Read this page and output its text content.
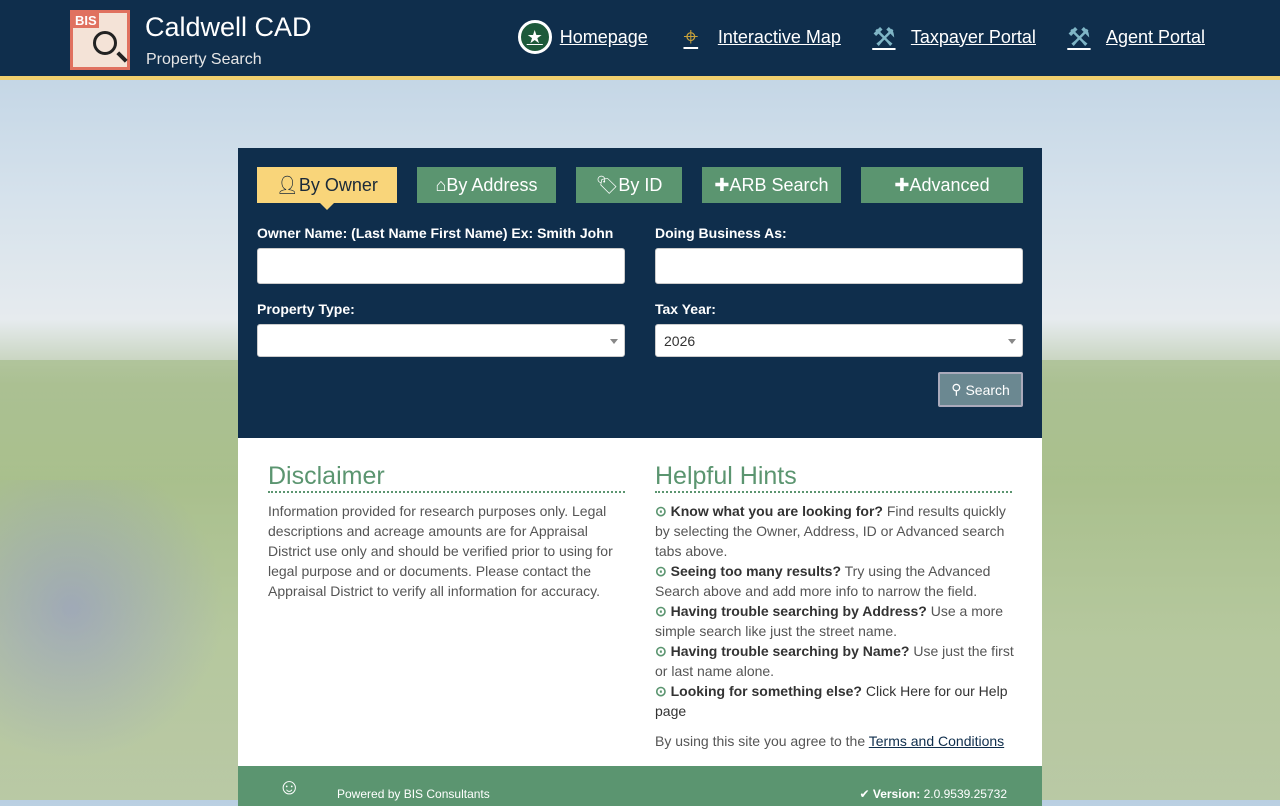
BIS Caldwell CAD
Property Search
★ Homepage	⌖	Interactive Map ⚒ Taxpayer Portal ⚒ Agent Portal
👤︎ By Owner	⌂ By Address	🏷︎ By ID	✚ ARB Search	✚ Advanced
Owner Name: (Last Name First Name) Ex: Smith John	Doing Business As:
Property Type:	Tax Year:
2026
⚲ Search
Disclaimer
Information provided for research purposes only. Legal descriptions and acreage amounts are for Appraisal District use only and should be verified prior to using for legal purpose and or documents. Please contact the Appraisal District to verify all information for accuracy.
Helpful Hints
⊙ Know what you are looking for? Find results quickly by selecting the Owner, Address, ID or Advanced search tabs above.
⊙ Seeing too many results? Try using the Advanced Search above and add more info to narrow the field.
⊙ Having trouble searching by Address? Use a more simple search like just the street name.
⊙ Having trouble searching by Name? Use just the first or last name alone.
⊙ Looking for something else? Click Here for our Help page
By using this site you agree to the Terms and Conditions
☺	Powered by BIS Consultants	✔ Version: 2.0.9539.25732
